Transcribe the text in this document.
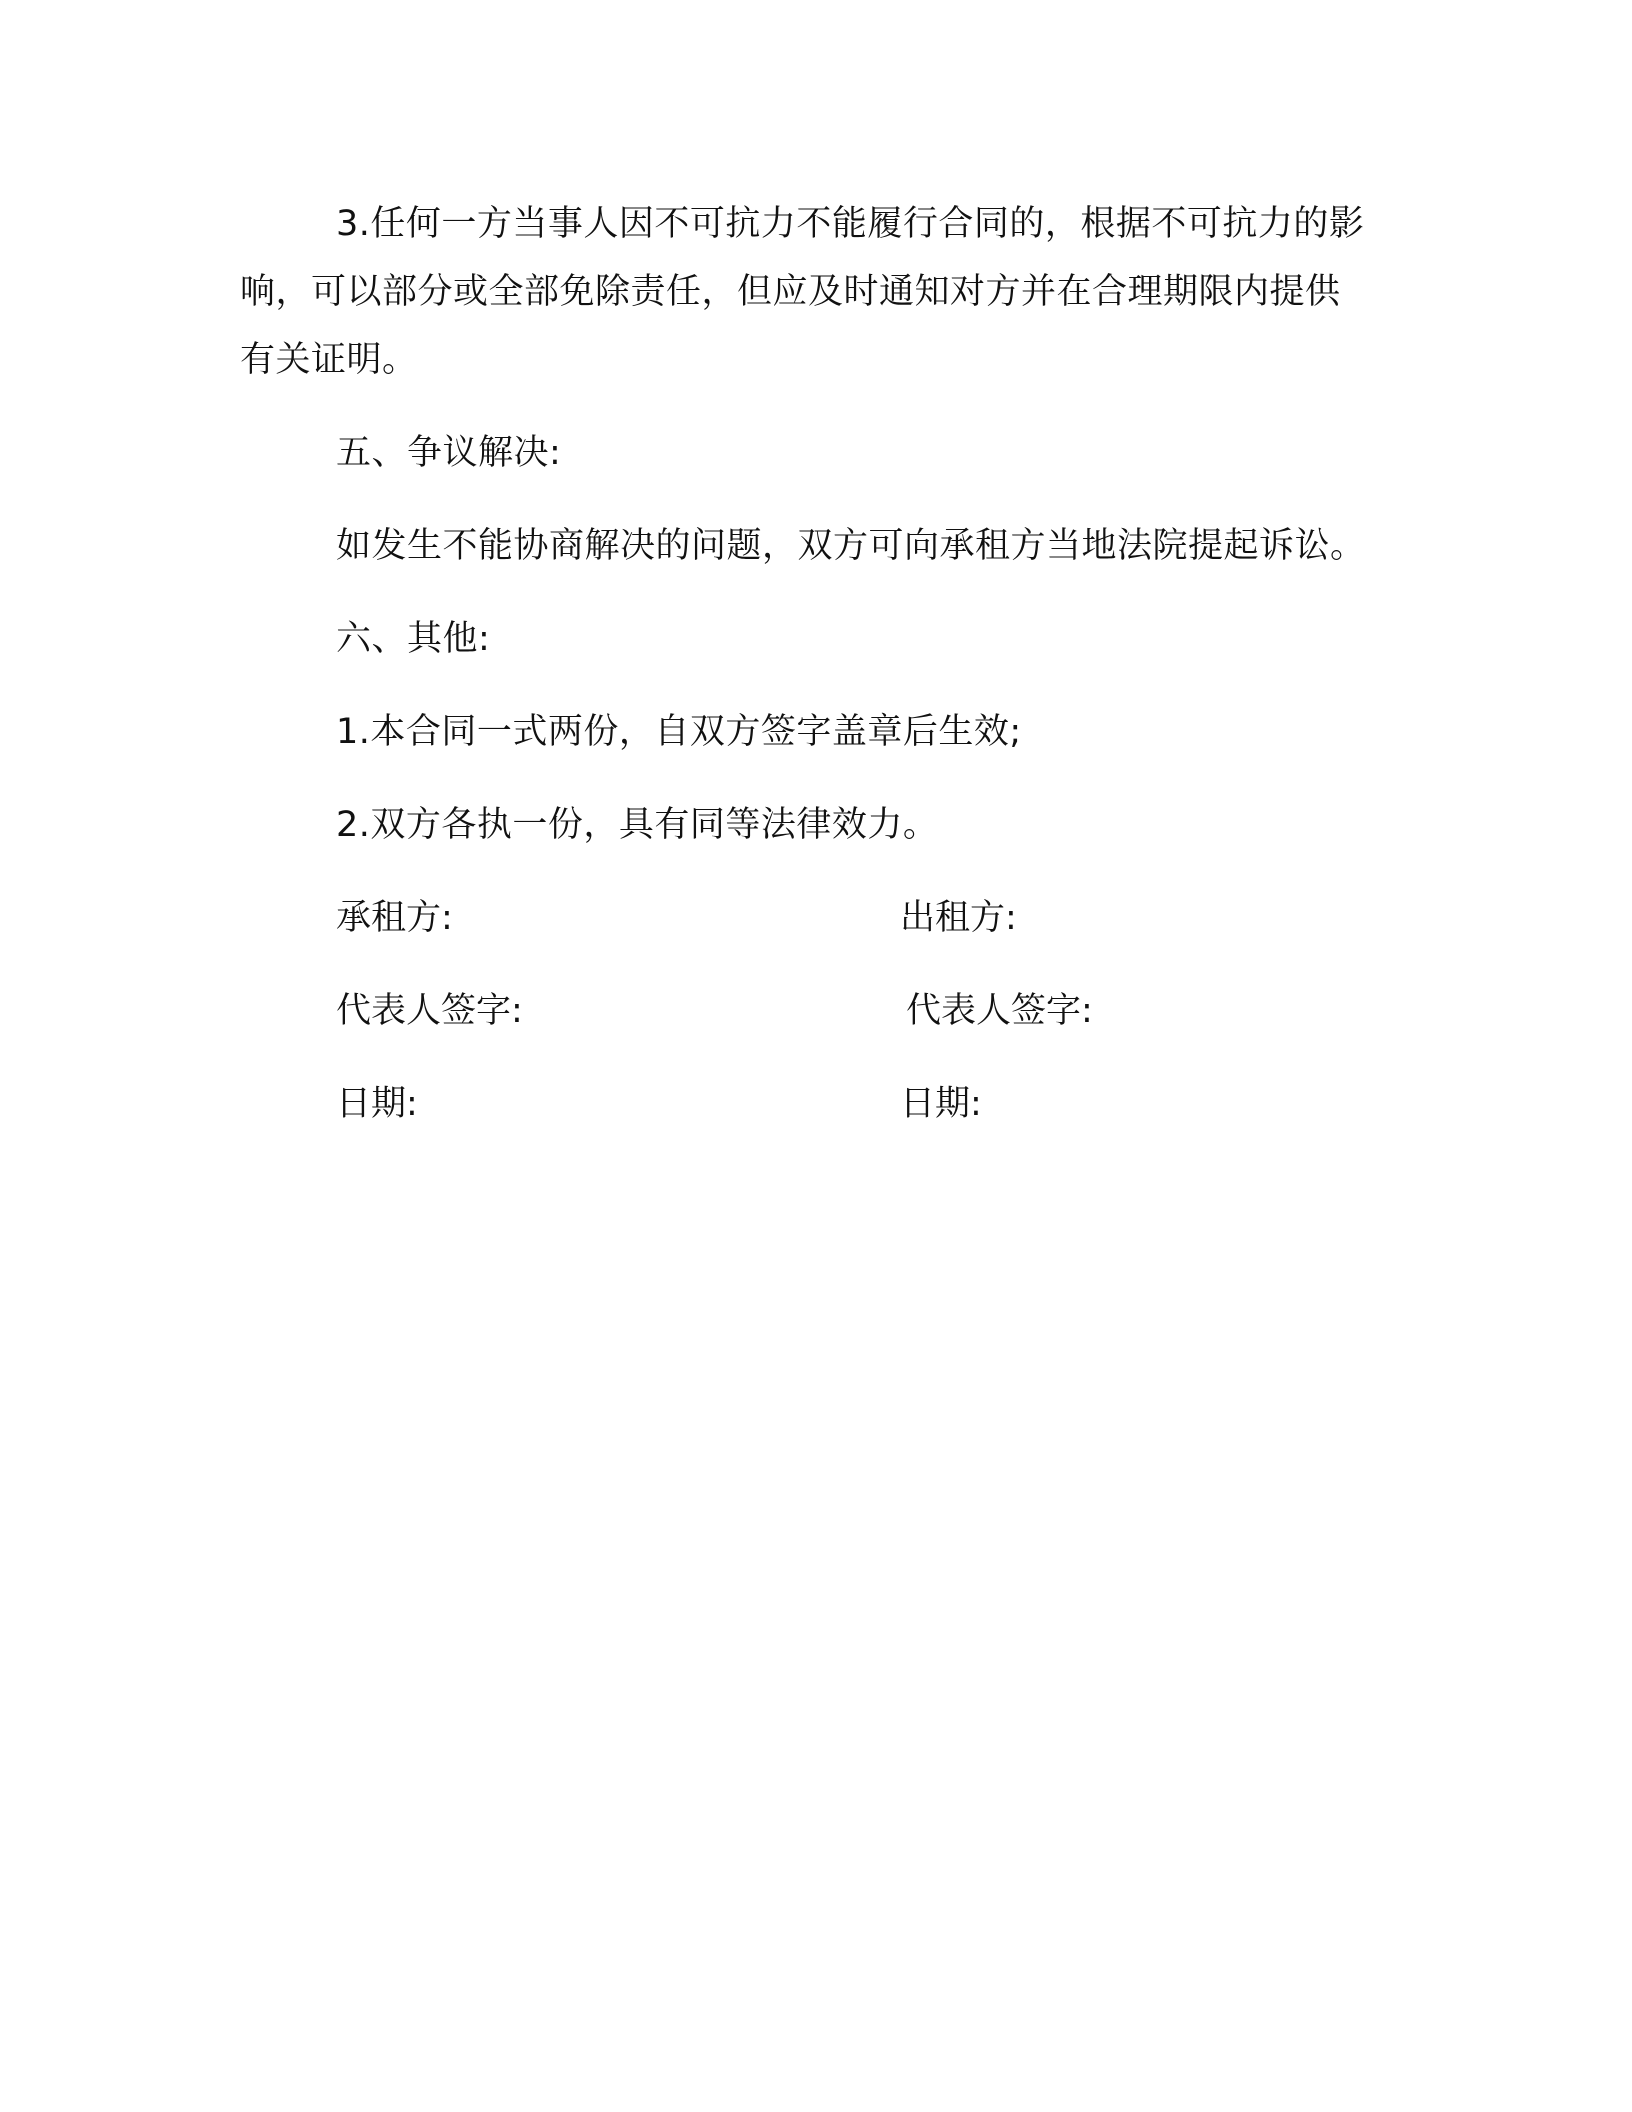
3.任何一方当事人因不可抗力不能履行合同的，根据不可抗力的影响，可以部分或全部免除责任，但应及时通知对方并在合理期限内提供有关证明。

五、争议解决:

如发生不能协商解决的问题，双方可向承租方当地法院提起诉讼。

六、其他:

1.本合同一式两份，自双方签字盖章后生效;

2.双方各执一份，具有同等法律效力。

承租方:	出租方:
代表人签字:	代表人签字:
日期:	日期:
